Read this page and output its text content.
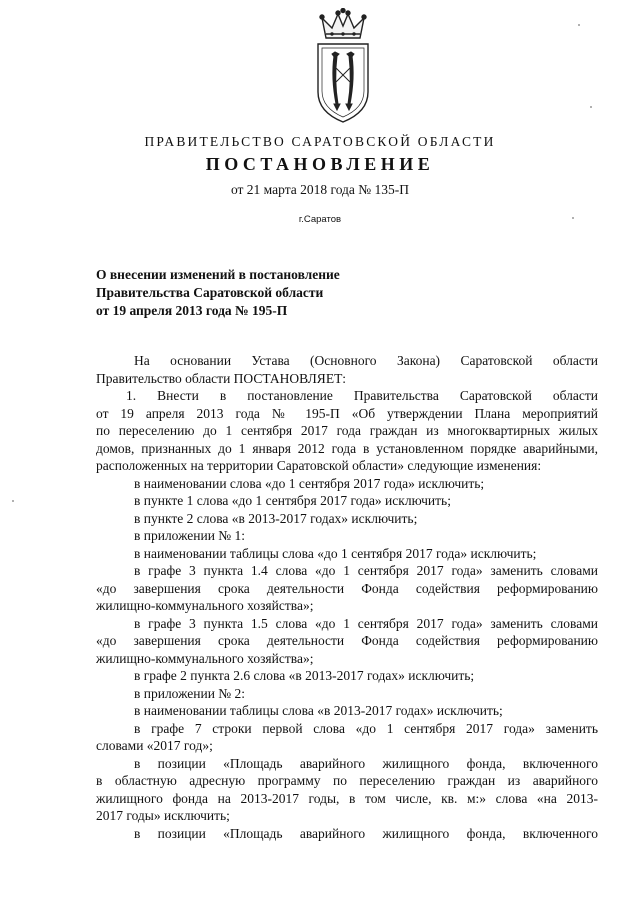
ПРАВИТЕЛЬСТВО САРАТОВСКОЙ ОБЛАСТИ
ПОСТАНОВЛЕНИЕ
от 21 марта 2018 года № 135-П
г.Саратов
О внесении изменений в постановление
Правительства Саратовской области
от 19 апреля 2013 года № 195-П
На основании Устава (Основного Закона) Саратовской области
Правительство области ПОСТАНОВЛЯЕТ:
1. Внести в постановление Правительства Саратовской области
от 19 апреля 2013 года № 195-П «Об утверждении Плана мероприятий
по переселению до 1 сентября 2017 года граждан из многоквартирных жилых
домов, признанных до 1 января 2012 года в установленном порядке аварийными,
расположенных на территории Саратовской области» следующие изменения:
в наименовании слова «до 1 сентября 2017 года» исключить;
в пункте 1 слова «до 1 сентября 2017 года» исключить;
в пункте 2 слова «в 2013-2017 годах» исключить;
в приложении № 1:
в наименовании таблицы слова «до 1 сентября 2017 года» исключить;
в графе 3 пункта 1.4 слова «до 1 сентября 2017 года» заменить словами
«до завершения срока деятельности Фонда содействия реформированию
жилищно-коммунального хозяйства»;
в графе 3 пункта 1.5 слова «до 1 сентября 2017 года» заменить словами
«до завершения срока деятельности Фонда содействия реформированию
жилищно-коммунального хозяйства»;
в графе 2 пункта 2.6 слова «в 2013-2017 годах» исключить;
в приложении № 2:
в наименовании таблицы слова «в 2013-2017 годах» исключить;
в графе 7 строки первой слова «до 1 сентября 2017 года» заменить
словами «2017 год»;
в позиции «Площадь аварийного жилищного фонда, включенного
в областную адресную программу по переселению граждан из аварийного
жилищного фонда на 2013-2017 годы, в том числе, кв. м:» слова «на 2013-
2017 годы» исключить;
в позиции «Площадь аварийного жилищного фонда, включенного
